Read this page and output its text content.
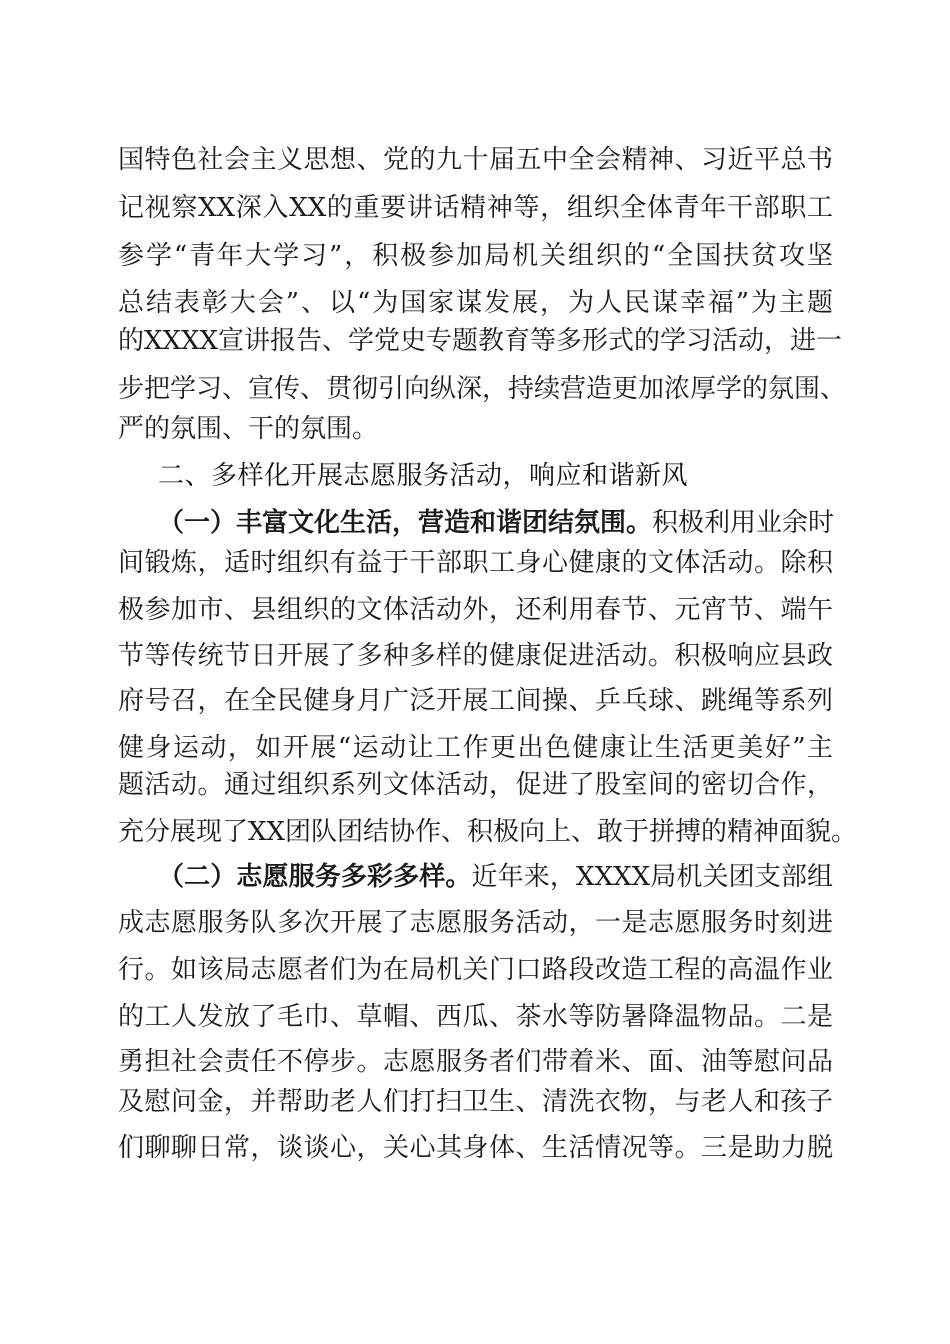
国特色社会主义思想、党的九十届五中全会精神、习近平总书
记视察XX深入XX的重要讲话精神等，组织全体青年干部职工
参学“青年大学习”，积极参加局机关组织的“全国扶贫攻坚
总结表彰大会”、以“为国家谋发展，为人民谋幸福”为主题
的XXXX宣讲报告、学党史专题教育等多形式的学习活动，进一
步把学习、宣传、贯彻引向纵深，持续营造更加浓厚学的氛围、
严的氛围、干的氛围。
二、多样化开展志愿服务活动，响应和谐新风
（一）丰富文化生活，营造和谐团结氛围。积极利用业余时
间锻炼，适时组织有益于干部职工身心健康的文体活动。除积
极参加市、县组织的文体活动外，还利用春节、元宵节、端午
节等传统节日开展了多种多样的健康促进活动。积极响应县政
府号召，在全民健身月广泛开展工间操、乒乓球、跳绳等系列
健身运动，如开展“运动让工作更出色健康让生活更美好”主
题活动。通过组织系列文体活动，促进了股室间的密切合作，
充分展现了XX团队团结协作、积极向上、敢于拼搏的精神面貌。
（二）志愿服务多彩多样。近年来，XXXX局机关团支部组
成志愿服务队多次开展了志愿服务活动，一是志愿服务时刻进
行。如该局志愿者们为在局机关门口路段改造工程的高温作业
的工人发放了毛巾、草帽、西瓜、茶水等防暑降温物品。二是
勇担社会责任不停步。志愿服务者们带着米、面、油等慰问品
及慰问金，并帮助老人们打扫卫生、清洗衣物，与老人和孩子
们聊聊日常，谈谈心，关心其身体、生活情况等。三是助力脱
